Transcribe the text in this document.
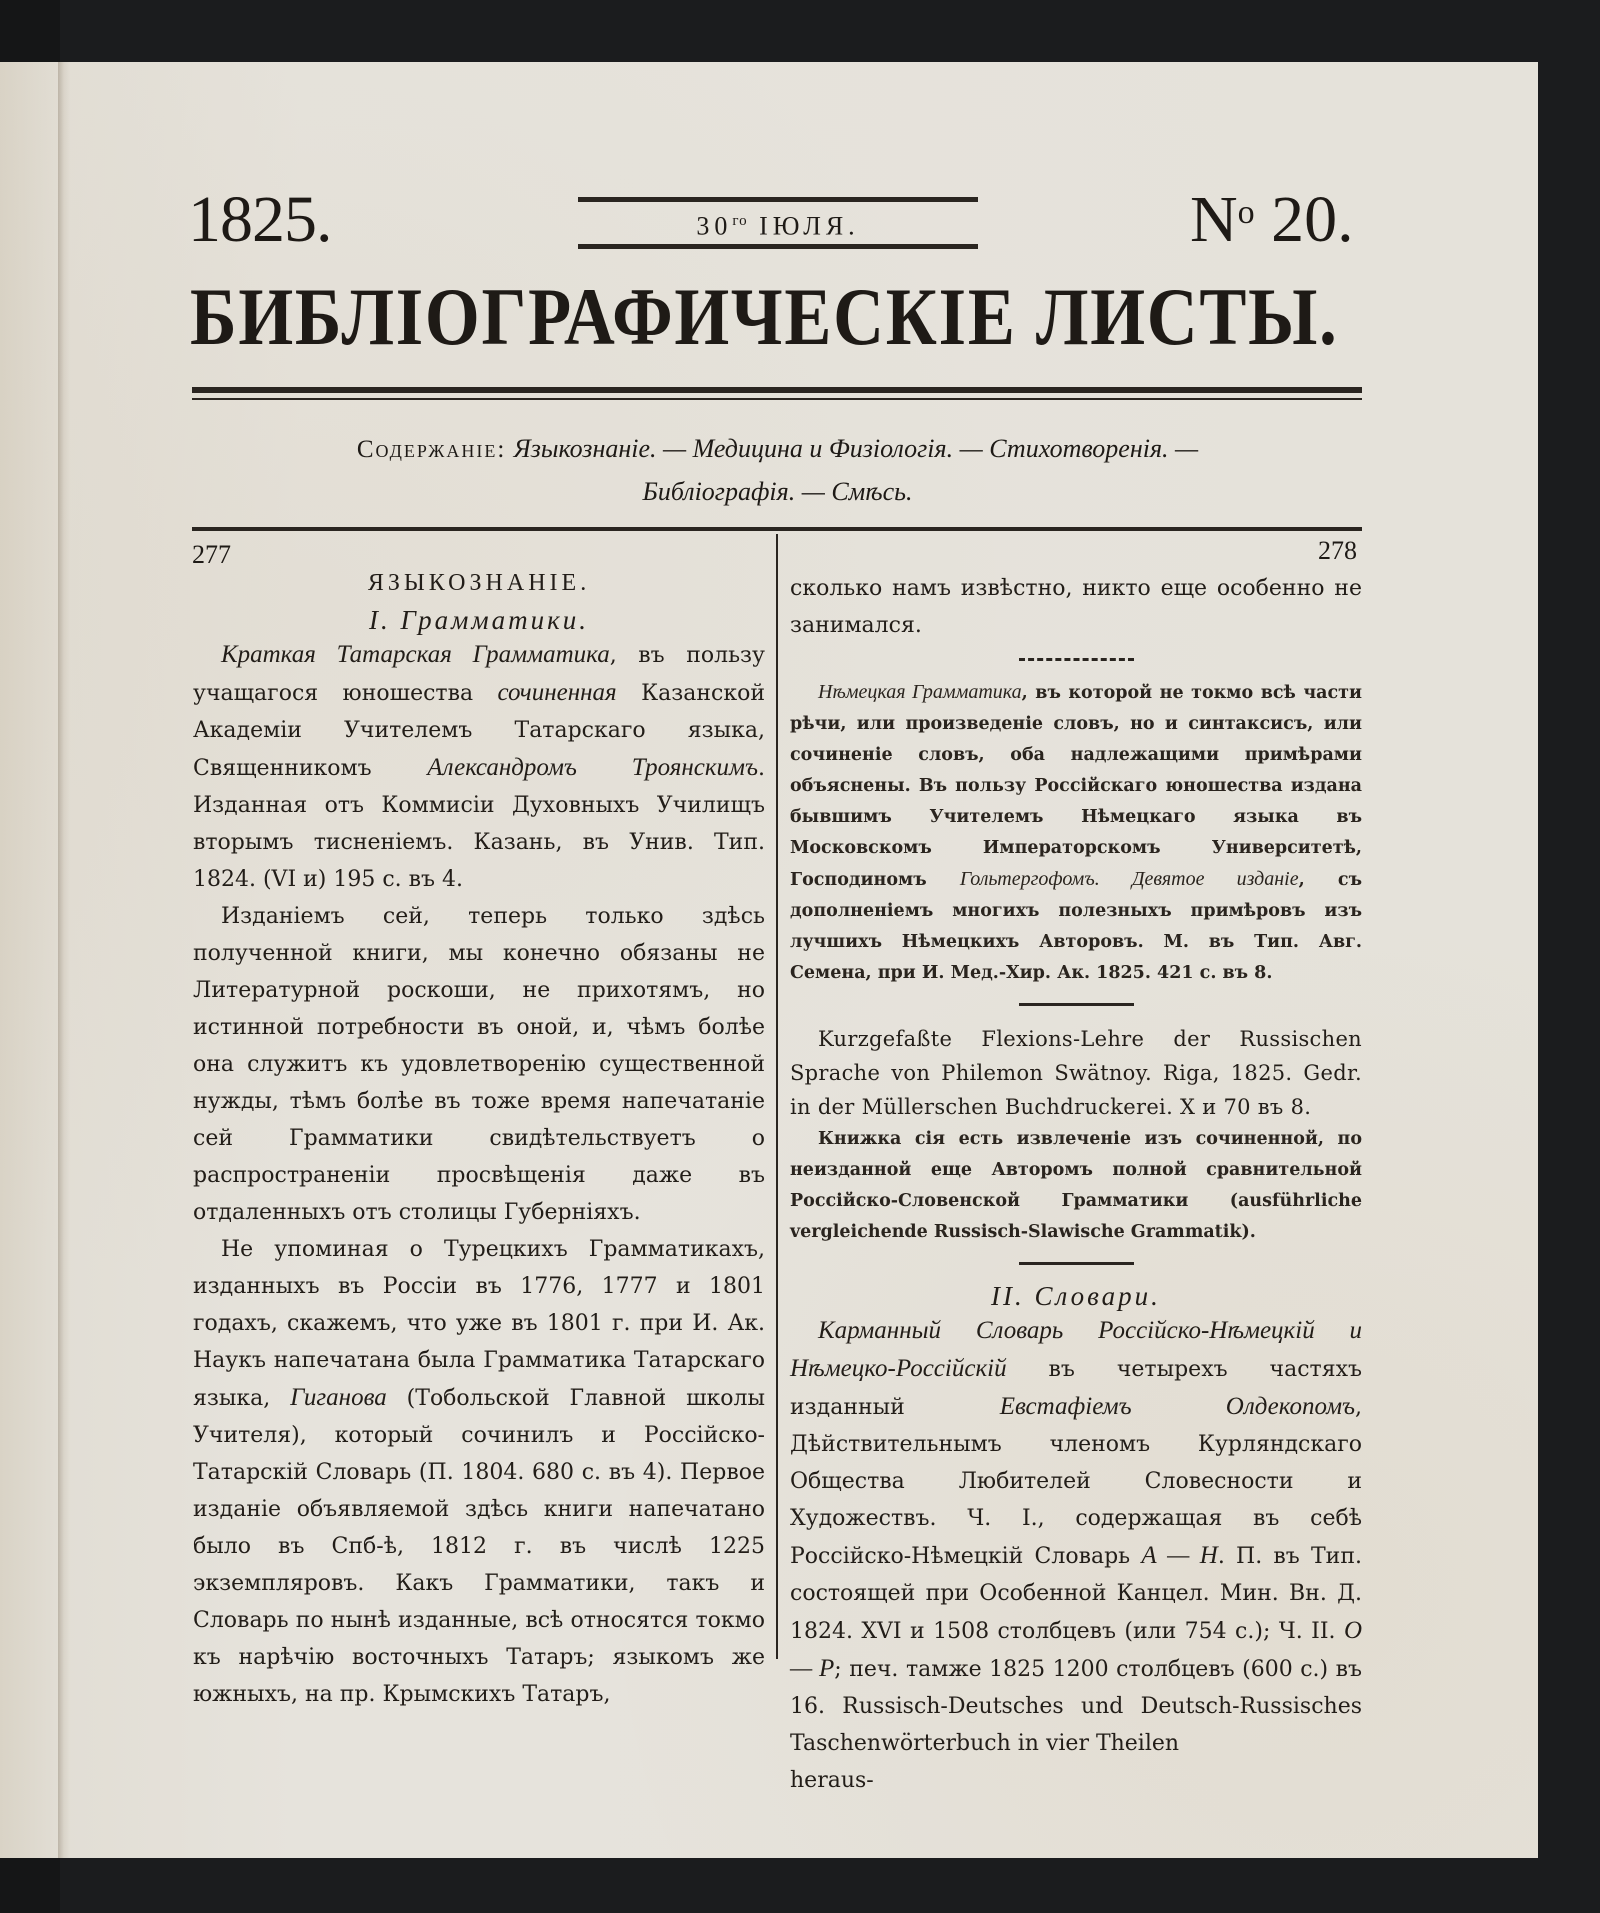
1825.	$30^{го}$ ІЮЛЯ.	$N^o$ 20.
БИБЛІОГРАФИЧЕСКІЕ ЛИСТЫ.
Содержаніе: Языкознаніе. — Медицина и Физіологія. — Стихотворенія. —
Библіографія. — Смѣсь.
277
ЯЗЫКОЗНАНІЕ.
I. Грамматики.

Краткая Татарская Грамматика, въ пользу учащагося юношества сочиненная Казанской Академіи Учителемъ Татарскаго языка, Священникомъ Александромъ Троянскимъ. Изданная отъ Коммисіи Духовныхъ Училищъ вторымъ тисненіемъ. Казань, въ Унив. Тип. 1824. (VI и) 195 с. въ 4.

Изданіемъ сей, теперь только здѣсь полученной книги, мы конечно обязаны не Литературной роскоши, не прихотямъ, но истинной потребности въ оной, и, чѣмъ болѣе она служитъ къ удовлетворенію существенной нужды, тѣмъ болѣе въ тоже время напечатаніе сей Грамматики свидѣтельствуетъ о распространеніи просвѣщенія даже въ отдаленныхъ отъ столицы Губерніяхъ.

Не упоминая о Турецкихъ Грамматикахъ, изданныхъ въ Россіи въ 1776, 1777 и 1801 годахъ, скажемъ, что уже въ 1801 г. при И. Ак. Наукъ напечатана была Грамматика Татарскаго языка, Гиганова (Тобольской Главной школы Учителя), который сочинилъ и Россійско-Татарскій Словарь (П. 1804. 680 с. въ 4). Первое изданіе объявляемой здѣсь книги напечатано было въ Спб-ѣ, 1812 г. въ числѣ 1225 экземпляровъ. Какъ Грамматики, такъ и Словарь по нынѣ изданные, всѣ относятся токмо къ нарѣчію восточныхъ Татаръ; языкомъ же южныхъ, на пр. Крымскихъ Татаръ,

278

сколько намъ извѣстно, никто еще особенно не занимался.

Нѣмецкая Грамматика, въ которой не токмо всѣ части рѣчи, или произведеніе словъ, но и синтаксисъ, или сочиненіе словъ, оба надлежащими примѣрами объяснены. Въ пользу Россійскаго юношества издана бывшимъ Учителемъ Нѣмецкаго языка въ Московскомъ Императорскомъ Университетѣ, Господиномъ Гольтергофомъ. Девятое изданіе, съ дополненіемъ многихъ полезныхъ примѣровъ изъ лучшихъ Нѣмецкихъ Авторовъ. М. въ Тип. Авг. Семена, при И. Мед.-Хир. Ак. 1825. 421 с. въ 8.

Kurzgefaßte Flexions-Lehre der Russischen Sprache von Philemon Swätnoy. Riga, 1825. Gedr. in der Müllerschen Buchdruckerei. X и 70 въ 8.

Книжка сія есть извлеченіе изъ сочиненной, по неизданной еще Авторомъ полной сравнительной Россійско-Словенской Грамматики (ausführliche vergleichende Russisch-Slawische Grammatik).

II. Словари.

Карманный Словарь Россійско-Нѣмецкій и Нѣмецко-Россійскій въ четырехъ частяхъ изданный Евстафіемъ Олдекопомъ, Дѣйствительнымъ членомъ Курляндскаго Общества Любителей Словесности и Художествъ. Ч. I., содержащая въ себѣ Россійско-Нѣмецкій Словарь А — Н. П. въ Тип. состоящей при Особенной Канцел. Мин. Вн. Д. 1824. XVI и 1508 столбцевъ (или 754 с.); Ч. II. О — Р; печ. тамже 1825 1200 столбцевъ (600 с.) въ 16. Russisch-Deutsches und Deutsch-Russisches Taschenwörterbuch in vier Theilen

heraus-
